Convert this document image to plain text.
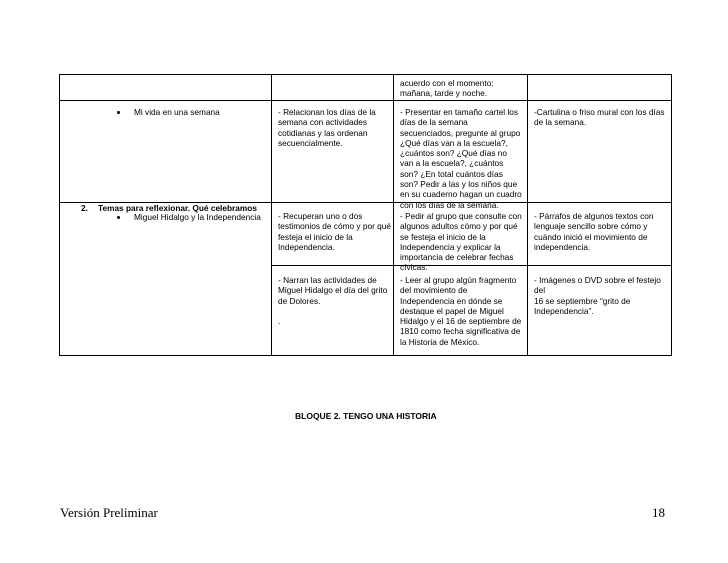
acuerdo con el momento:
mañana, tarde y noche.
Mi vida en una semana	- Relacionan los días de la
semana con actividades
cotidianas y las ordenan
secuencialmente.
- Presentar en tamaño cartel los
días de la semana
secuenciados, pregunte al grupo
¿Qué días van a la escuela?,
¿cuántos son? ¿Qué días no
van a la escuela?, ¿cuántos
son? ¿En total cuántos días
son? Pedir a las y los niños que
en su cuaderno hagan un cuadro
con los días de la semana.
-Cartulina o friso mural con los días
de la semana.
2. Temas para reflexionar. Qué celebramos
Miguel Hidalgo y la Independencia - Recuperan uno o dos
testimonios de cómo y por qué
festeja el inicio de la
Independencia.
- Pedir al grupo que consulte con
algunos adultos cómo y por qué
se festeja el inicio de la
Independencia y explicar la
importancia de celebrar fechas
cívicas.
- Párrafos de algunos textos con
lenguaje sencillo sobre cómo y
cuándo inició el movimiento de
independencia.
- Narran las actividades de
Miguel Hidalgo el día del grito
de Dolores.

.
- Leer al grupo algún fragmento
del movimiento de
Independencia en dónde se
destaque el papel de Miguel
Hidalgo y el 16 de septiembre de
1810 como fecha significativa de
la Historia de México.
- Imágenes o DVD sobre el festejo del
16 se septiembre “grito de
Independencia”.
BLOQUE 2. TENGO UNA HISTORIA
Versión Preliminar	18
